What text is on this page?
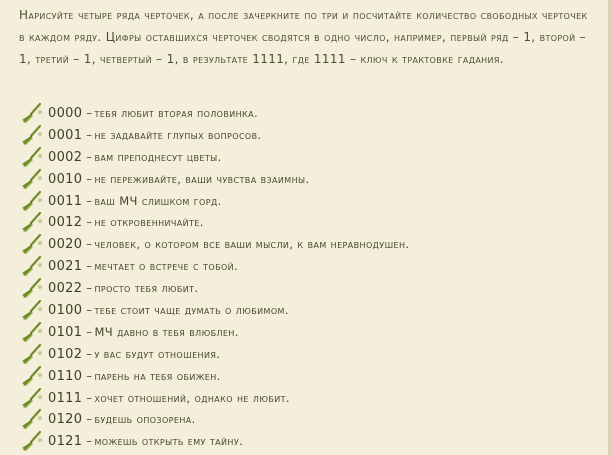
Нарисуйте четыре ряда черточек, а после зачеркните по три и посчитайте количество свободных черточек в каждом ряду. Цифры оставшихся черточек сводятся в одно число, например, первый ряд – 1, второй – 1, третий – 1, четвертый – 1, в результате 1111, где 1111 – ключ к трактовке гадания.

0000 – тебя любит вторая половинка.
0001 – не задавайте глупых вопросов.
0002 – вам преподнесут цветы.
0010 – не переживайте, ваши чувства взаимны.
0011 – ваш МЧ слишком горд.
0012 – не откровенничайте.
0020 – человек, о котором все ваши мысли, к вам неравнодушен.
0021 – мечтает о встрече с тобой.
0022 – просто тебя любит.
0100 – тебе стоит чаще думать о любимом.
0101 – МЧ давно в тебя влюблен.
0102 – у вас будут отношения.
0110 – парень на тебя обижен.
0111 – хочет отношений, однако не любит.
0120 – будешь опозорена.
0121 – можешь открыть ему тайну.
